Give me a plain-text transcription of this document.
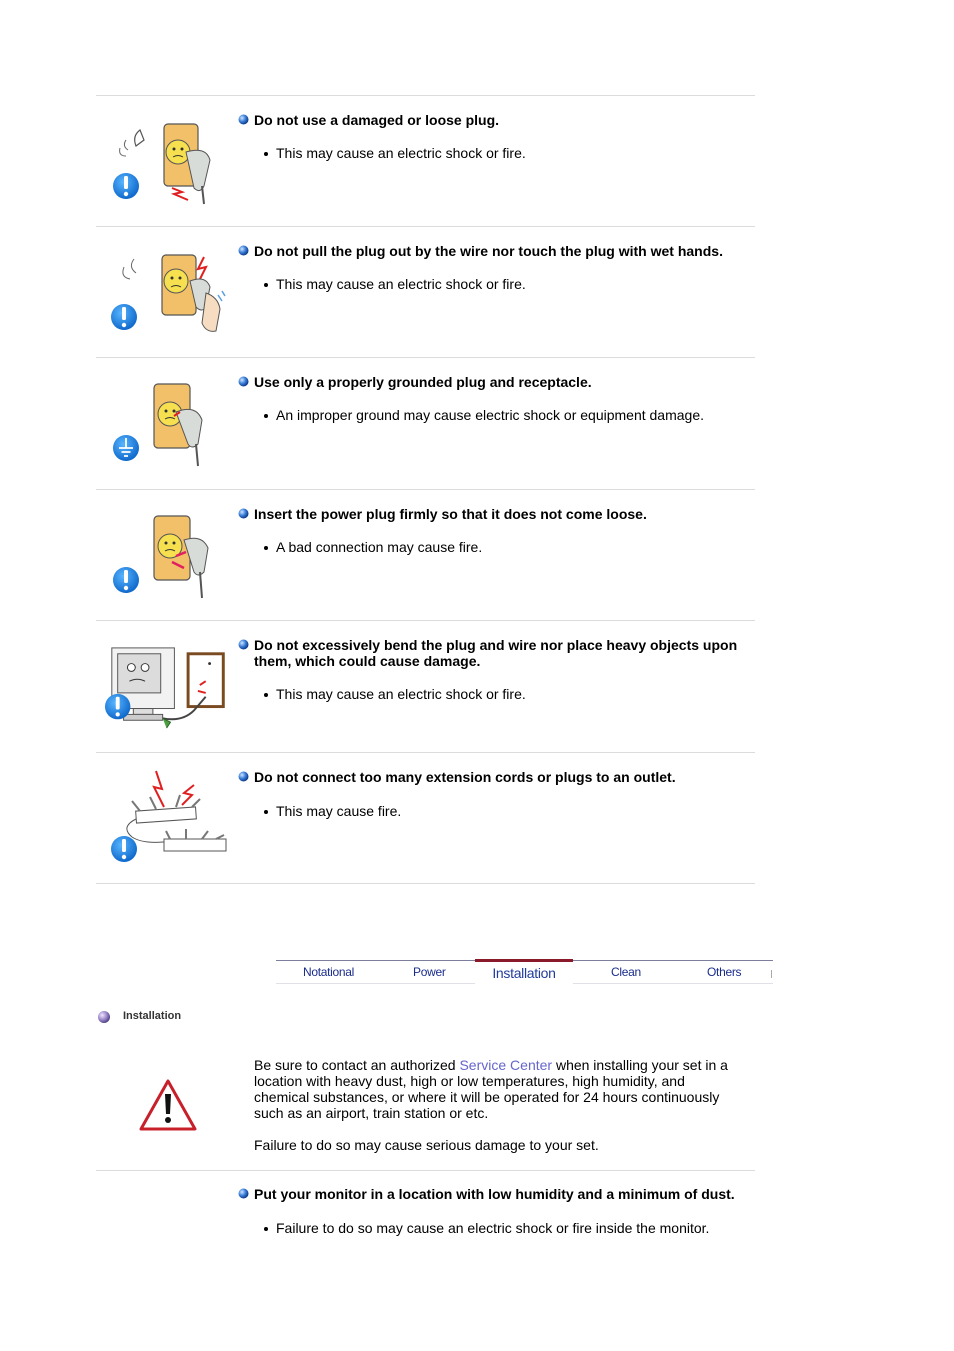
Do not use a damaged or loose plug.
This may cause an electric shock or fire.
Do not pull the plug out by the wire nor touch the plug with wet hands.
This may cause an electric shock or fire.
Use only a properly grounded plug and receptacle.
An improper ground may cause electric shock or equipment damage.
Insert the power plug firmly so that it does not come loose.
A bad connection may cause fire.
Do not excessively bend the plug and wire nor place heavy objects upon
them, which could cause damage.
This may cause an electric shock or fire.
Do not connect too many extension cords or plugs to an outlet.
This may cause fire.
Notational	Power	Installation	Clean	Others
Installation
Be sure to contact an authorized Service Center when installing your set in a
location with heavy dust, high or low temperatures, high humidity, and
chemical substances, or where it will be operated for 24 hours continuously
such as an airport, train station or etc.
Failure to do so may cause serious damage to your set.
Put your monitor in a location with low humidity and a minimum of dust.
Failure to do so may cause an electric shock or fire inside the monitor.
